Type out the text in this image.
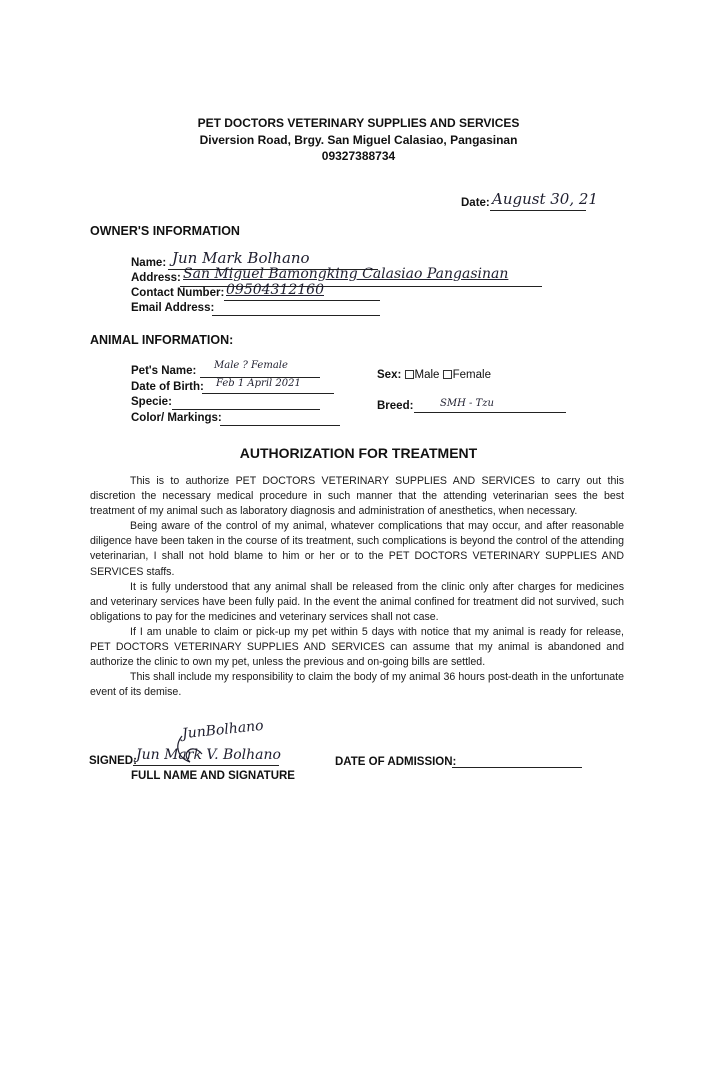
PET DOCTORS VETERINARY SUPPLIES AND SERVICES
Diversion Road, Brgy. San Miguel Calasiao, Pangasinan
09327388734
Date: August 30, 21
OWNER'S INFORMATION
Name: Jun Mark Bolhano
Address: San Miguel Bamongking Calasiao Pangasinan
Contact Number: 09504312160
Email Address:
ANIMAL INFORMATION:
Pet's Name: Male ? Female
Date of Birth: Feb 1 April 2021
Specie:
Color/ Markings:
Sex: Male Female
Breed:	SMH - Tzu
AUTHORIZATION FOR TREATMENT

This is to authorize PET DOCTORS VETERINARY SUPPLIES AND SERVICES to carry out this discretion the necessary medical procedure in such manner that the attending veterinarian sees the best treatment of my animal such as laboratory diagnosis and administration of anesthetics, when necessary.

Being aware of the control of my animal, whatever complications that may occur, and after reasonable diligence have been taken in the course of its treatment, such complications is beyond the control of the attending veterinarian, I shall not hold blame to him or her or to the PET DOCTORS VETERINARY SUPPLIES AND SERVICES staffs.

It is fully understood that any animal shall be released from the clinic only after charges for medicines and veterinary services have been fully paid. In the event the animal confined for treatment did not survived, such obligations to pay for the medicines and veterinary services shall not case.

If I am unable to claim or pick-up my pet within 5 days with notice that my animal is ready for release, PET DOCTORS VETERINARY SUPPLIES AND SERVICES can assume that my animal is abandoned and authorize the clinic to own my pet, unless the previous and on-going bills are settled.

This shall include my responsibility to claim the body of my animal 36 hours post-death in the unfortunate event of its demise.

JunBolhano
SIGNED: Jun Mark V. Bolhano
FULL NAME AND SIGNATURE
DATE OF ADMISSION:
